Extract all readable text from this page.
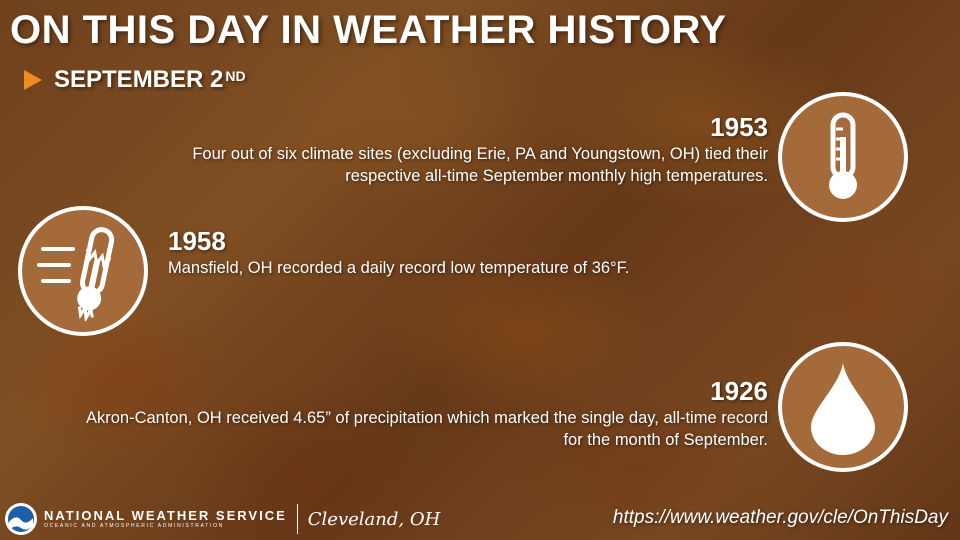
ON THIS DAY IN WEATHER HISTORY
SEPTEMBER 2ND
1953
Four out of six climate sites (excluding Erie, PA and Youngstown, OH) tied their respective all-time September monthly high temperatures.
1958
Mansfield, OH recorded a daily record low temperature of 36°F.
1926
Akron-Canton, OH received 4.65” of precipitation which marked the single day, all-time record for the month of September.
NATIONAL WEATHER SERVICE
OCEANIC AND ATMOSPHERIC ADMINISTRATION	Cleveland, OH	https://www.weather.gov/cle/OnThisDay
